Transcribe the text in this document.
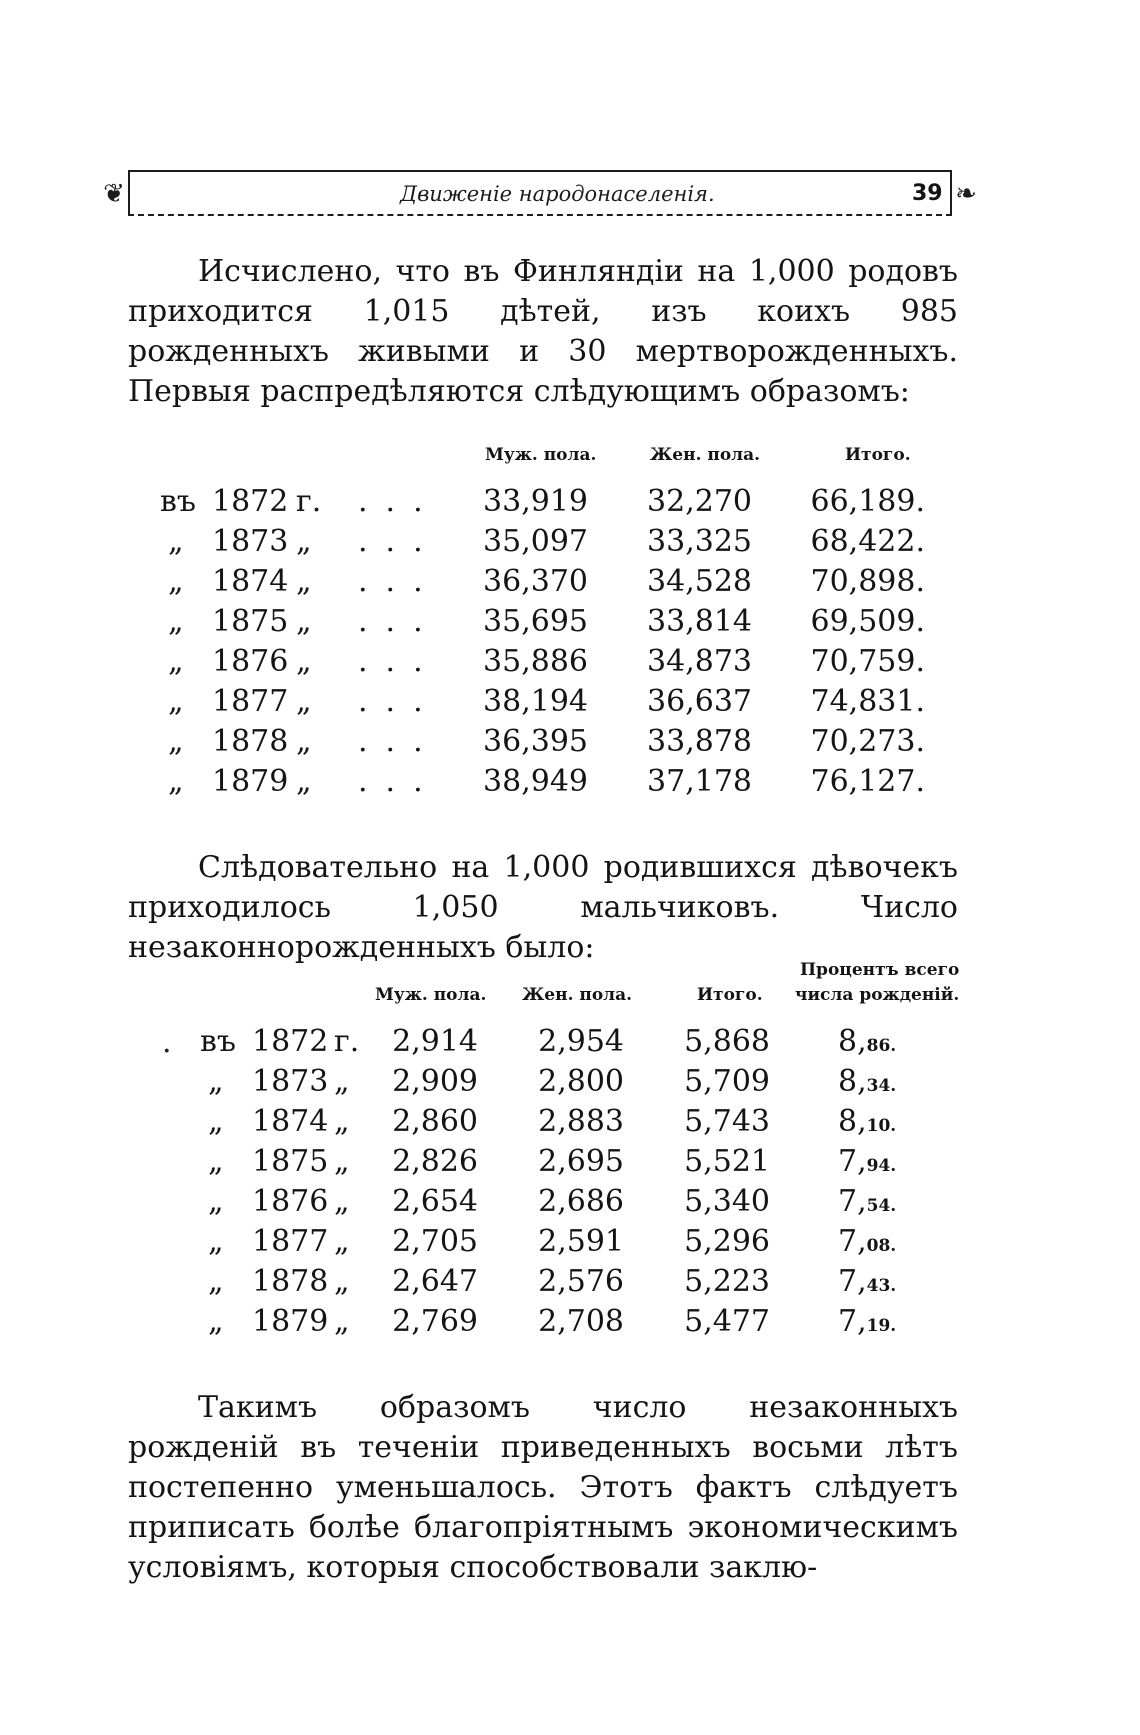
❦	❧
Движеніе народонаселенія.	39

Исчислено, что въ Финляндіи на 1,000 родовъ приходится 1,015 дѣтей, изъ коихъ 985 рожденныхъ живыми и 30 мертворожденныхъ. Первыя распредѣляются слѣдующимъ образомъ:

Муж. пола.	Жен. пола.	Итого.
въ 1872 г. ...	33,919	32,270	66,189.
„ 1873 „ ...	35,097	33,325	68,422.
„ 1874 „ ...	36,370	34,528	70,898.
„ 1875 „ ...	35,695	33,814	69,509.
„ 1876 „ ...	35,886	34,873	70,759.
„ 1877 „ ...	38,194	36,637	74,831.
„ 1878 „ ...	36,395	33,878	70,273.
„ 1879 „ ...	38,949	37,178	76,127.

Слѣдовательно на 1,000 родившихся дѣвочекъ приходилось 1,050 мальчиковъ. Число незаконнорожденныхъ было:

Муж. пола. Жен. пола.	Итого.
Процентъ всего
числа рожденій.
въ 1872 г.	2,914	2,954	5,868 8,86.
„ 1873 „	2,909	2,800	5,709 8,34.
„ 1874 „	2,860	2,883	5,743 8,10.
„ 1875 „	2,826	2,695	5,521 7,94.
„ 1876 „	2,654	2,686	5,340 7,54.
„ 1877 „	2,705	2,591	5,296 7,08.
„ 1878 „	2,647	2,576	5,223 7,43.
„ 1879 „	2,769	2,708	5,477 7,19.

Такимъ образомъ число незаконныхъ рожденій въ теченіи приведенныхъ восьми лѣтъ постепенно уменьшалось. Этотъ фактъ слѣдуетъ приписать болѣе благопріятнымъ экономическимъ условіямъ, которыя способствовали заклю-

·
